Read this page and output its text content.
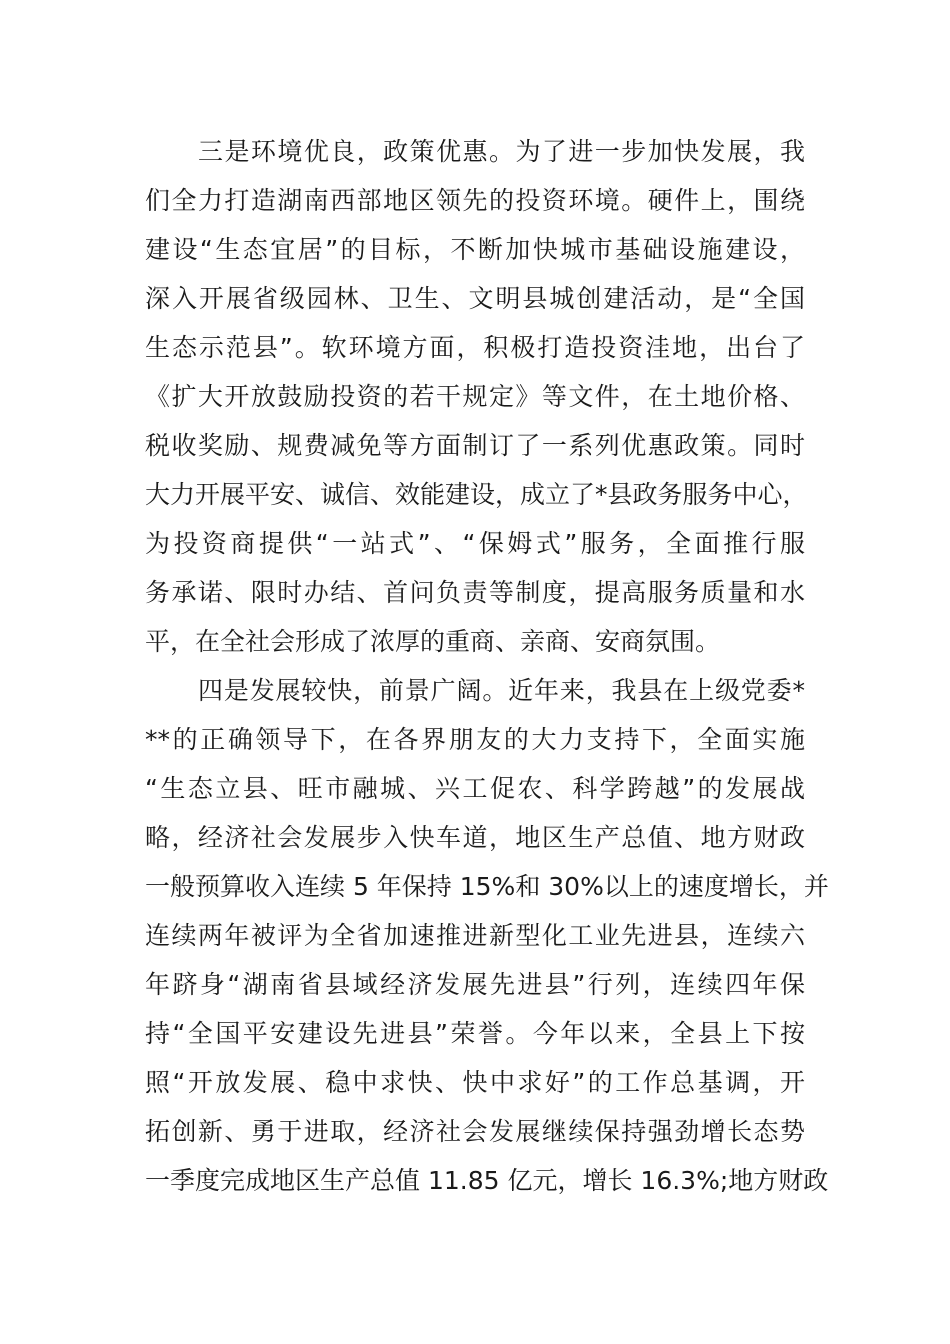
三是环境优良，政策优惠。为了进一步加快发展，我
们全力打造湖南西部地区领先的投资环境。硬件上，围绕
建设“生态宜居”的目标，不断加快城市基础设施建设，
深入开展省级园林、卫生、文明县城创建活动，是“全国
生态示范县”。软环境方面，积极打造投资洼地，出台了
《扩大开放鼓励投资的若干规定》等文件，在土地价格、
税收奖励、规费减免等方面制订了一系列优惠政策。同时
大力开展平安、诚信、效能建设，成立了*县政务服务中心，
为投资商提供“一站式”、“保姆式”服务，全面推行服
务承诺、限时办结、首问负责等制度，提高服务质量和水
平，在全社会形成了浓厚的重商、亲商、安商氛围。
四是发展较快，前景广阔。近年来，我县在上级党委*
**的正确领导下，在各界朋友的大力支持下，全面实施
“生态立县、旺市融城、兴工促农、科学跨越”的发展战
略，经济社会发展步入快车道，地区生产总值、地方财政
一般预算收入连续 5 年保持 15%和 30%以上的速度增长，并
连续两年被评为全省加速推进新型化工业先进县，连续六
年跻身“湖南省县域经济发展先进县”行列，连续四年保
持“全国平安建设先进县”荣誉。今年以来，全县上下按
照“开放发展、稳中求快、快中求好”的工作总基调，开
拓创新、勇于进取，经济社会发展继续保持强劲增长态势
一季度完成地区生产总值 11.85 亿元，增长 16.3%;地方财政
